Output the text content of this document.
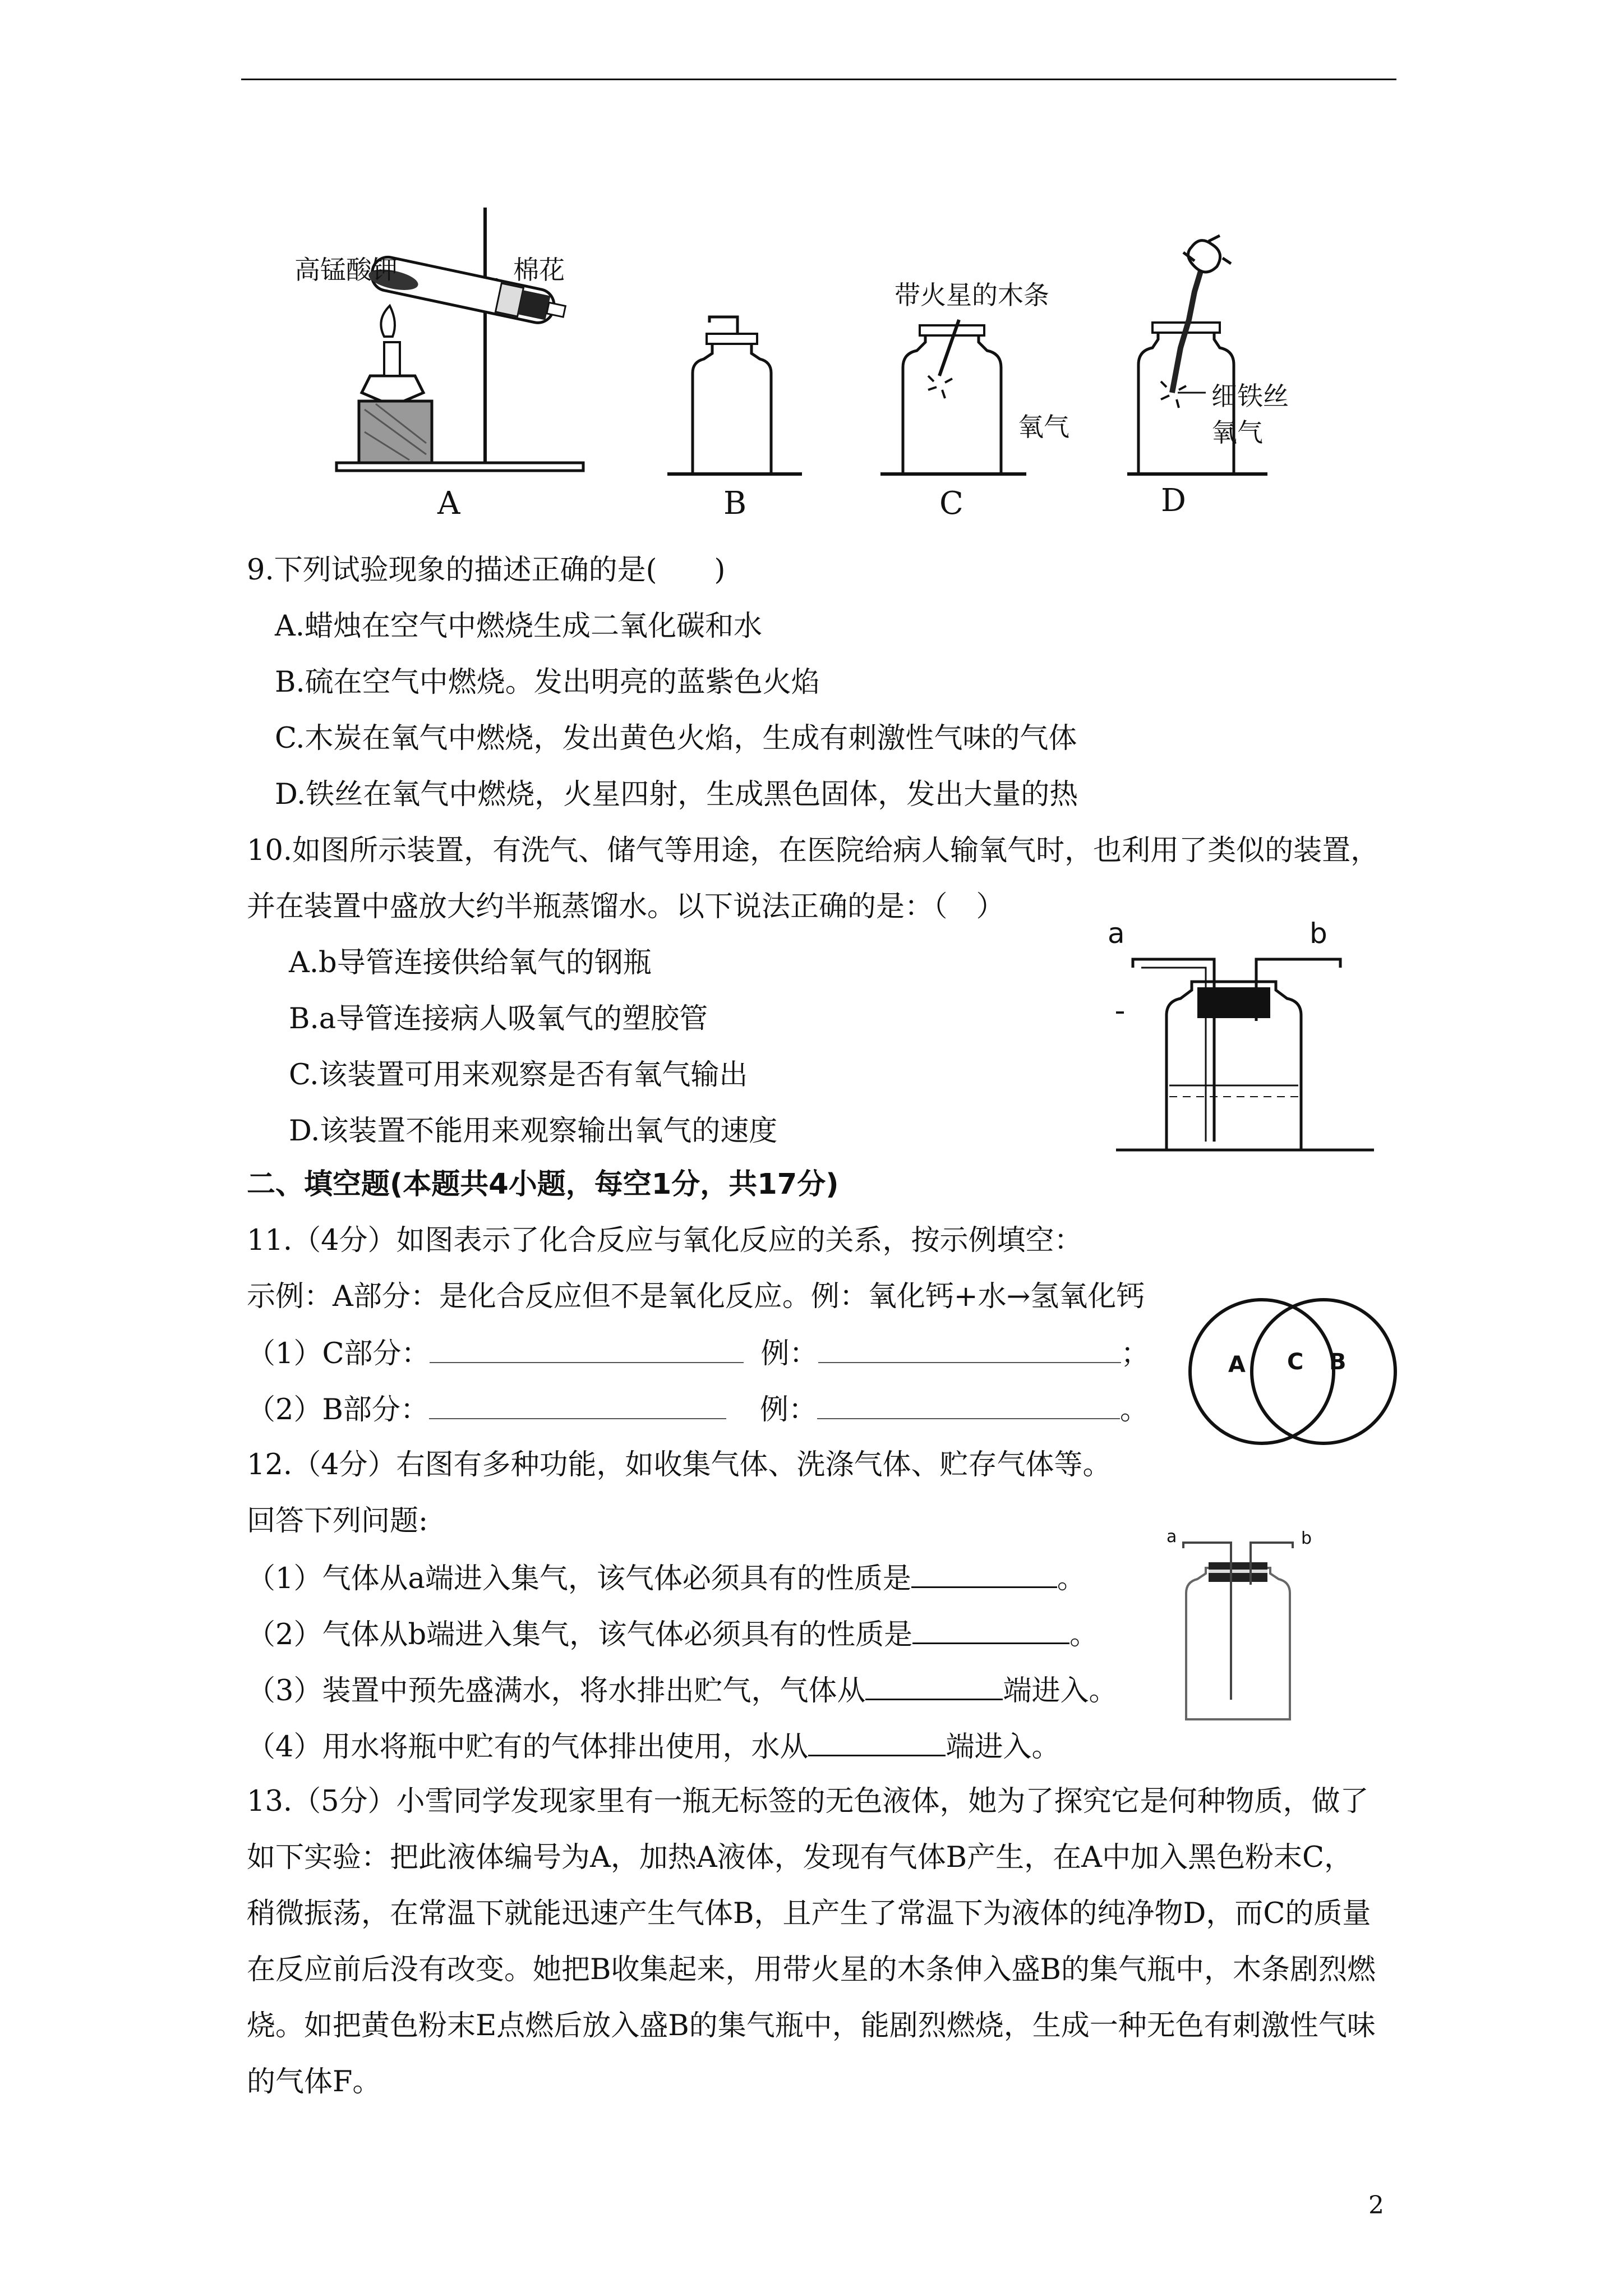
高锰酸钾	棉花
带火星的木条
氧气
细铁丝
氧气
A	B	C	D
9.下列试验现象的描述正确的是(　　)
A.蜡烛在空气中燃烧生成二氧化碳和水
B.硫在空气中燃烧。发出明亮的蓝紫色火焰
C.木炭在氧气中燃烧，发出黄色火焰，生成有刺激性气味的气体
D.铁丝在氧气中燃烧，火星四射，生成黑色固体，发出大量的热
10.如图所示装置，有洗气、储气等用途，在医院给病人输氧气时，也利用了类似的装置，
并在装置中盛放大约半瓶蒸馏水。以下说法正确的是：（　）
A.b导管连接供给氧气的钢瓶
B.a导管连接病人吸氧气的塑胶管
C.该装置可用来观察是否有氧气输出
D.该装置不能用来观察输出氧气的速度
a	b
二、填空题(本题共4小题，每空1分，共17分)
11.（4分）如图表示了化合反应与氧化反应的关系，按示例填空：
示例：A部分：是化合反应但不是氧化反应。例：氧化钙+水→氢氧化钙
（1）C部分：	例：	；
（2）B部分：	例：	。
A C B
12.（4分）右图有多种功能，如收集气体、洗涤气体、贮存气体等。
回答下列问题:
（1）气体从a端进入集气，该气体必须具有的性质是	。
（2）气体从b端进入集气，该气体必须具有的性质是	。
（3）装置中预先盛满水，将水排出贮气，气体从	端进入。
（4）用水将瓶中贮有的气体排出使用，水从	端进入。
a	b
13.（5分）小雪同学发现家里有一瓶无标签的无色液体，她为了探究它是何种物质，做了
如下实验：把此液体编号为A，加热A液体，发现有气体B产生，在A中加入黑色粉末C，
稍微振荡，在常温下就能迅速产生气体B，且产生了常温下为液体的纯净物D，而C的质量
在反应前后没有改变。她把B收集起来，用带火星的木条伸入盛B的集气瓶中，木条剧烈燃
烧。如把黄色粉末E点燃后放入盛B的集气瓶中，能剧烈燃烧，生成一种无色有刺激性气味
的气体F。
2
